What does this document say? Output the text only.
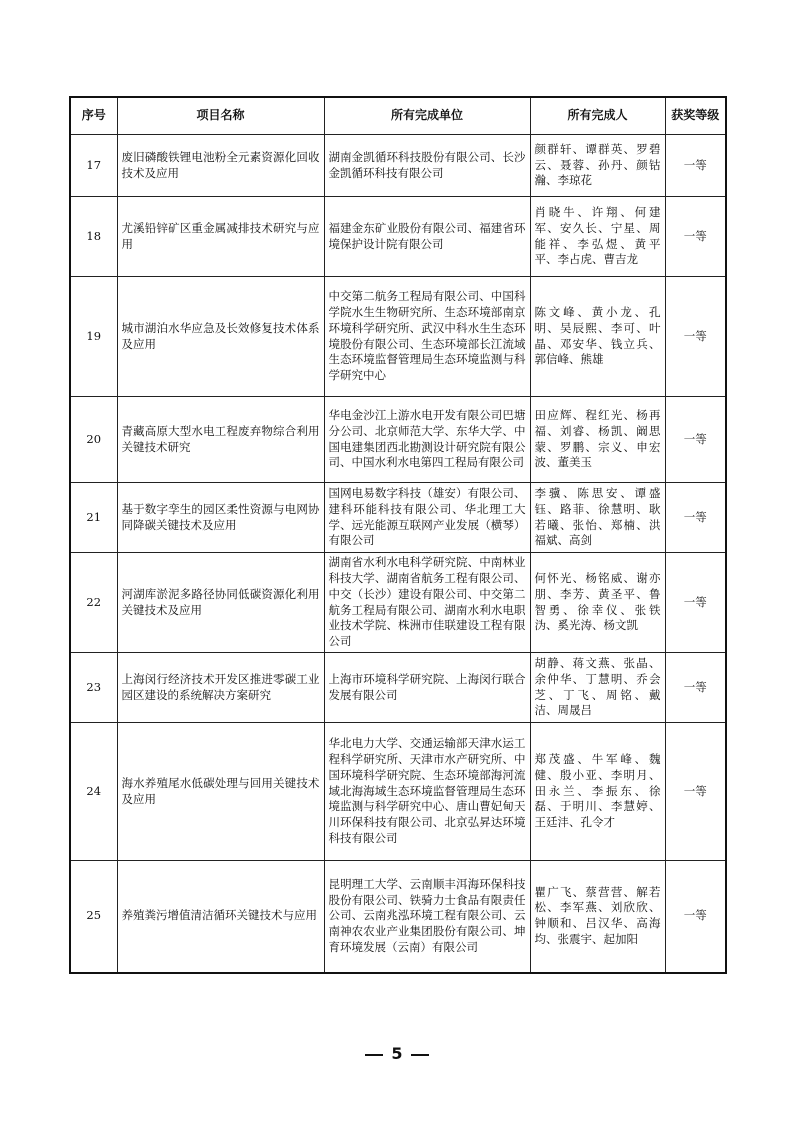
序号	项目名称	所有完成单位	所有完成人	获奖等级
17	废旧磷酸铁锂电池粉全元素资源化回收技术及应用	湖南金凯循环科技股份有限公司、长沙金凯循环科技有限公司	颜群轩、谭群英、罗碧云、聂蓉、孙丹、颜钴瀚、李琼花	一等
18	尤溪铅锌矿区重金属减排技术研究与应用	福建金东矿业股份有限公司、福建省环境保护设计院有限公司	肖晓牛、许翔、何建军、安久长、宁星、周能祥、李弘煜、黄平平、李占虎、曹吉龙	一等
19	城市湖泊水华应急及长效修复技术体系及应用	中交第二航务工程局有限公司、中国科学院水生生物研究所、生态环境部南京环境科学研究所、武汉中科水生生态环境股份有限公司、生态环境部长江流域生态环境监督管理局生态环境监测与科学研究中心	陈文峰、黄小龙、孔明、吴辰熙、李可、叶晶、邓安华、钱立兵、郭信峰、熊雄	一等
20	青藏高原大型水电工程废弃物综合利用关键技术研究	华电金沙江上游水电开发有限公司巴塘分公司、北京师范大学、东华大学、中国电建集团西北勘测设计研究院有限公司、中国水利水电第四工程局有限公司	田应辉、程红光、杨再福、刘睿、杨凯、阚思蒙、罗鹏、宗义、申宏波、董美玉	一等
21	基于数字孪生的园区柔性资源与电网协同降碳关键技术及应用	国网电易数字科技（雄安）有限公司、建科环能科技有限公司、华北理工大学、远光能源互联网产业发展（横琴）有限公司	李骥、陈思安、谭盛钰、路菲、徐慧明、耿若曦、张怡、郑楠、洪福斌、高剑	一等
22	河湖库淤泥多路径协同低碳资源化利用关键技术及应用	湖南省水利水电科学研究院、中南林业科技大学、湖南省航务工程有限公司、中交（长沙）建设有限公司、中交第二航务工程局有限公司、湖南水利水电职业技术学院、株洲市佳联建设工程有限公司	何怀光、杨铭威、谢亦朋、李芳、黄圣平、鲁智勇、徐幸仪、张铁沩、奚光涛、杨文凯	一等
23	上海闵行经济技术开发区推进零碳工业园区建设的系统解决方案研究	上海市环境科学研究院、上海闵行联合发展有限公司	胡静、蒋文燕、张晶、余仲华、丁慧明、乔会芝、丁飞、周铭、戴洁、周晟吕	一等
24	海水养殖尾水低碳处理与回用关键技术及应用	华北电力大学、交通运输部天津水运工程科学研究所、天津市水产研究所、中国环境科学研究院、生态环境部海河流域北海海域生态环境监督管理局生态环境监测与科学研究中心、唐山曹妃甸天川环保科技有限公司、北京弘昇达环境科技有限公司	郑茂盛、牛军峰、魏健、殷小亚、李明月、田永兰、李振东、徐磊、于明川、李慧婷、王廷沣、孔令才	一等
25	养殖粪污增值清洁循环关键技术与应用	昆明理工大学、云南顺丰洱海环保科技股份有限公司、铁骑力士食品有限责任公司、云南兆泓环境工程有限公司、云南神农农业产业集团股份有限公司、坤育环境发展（云南）有限公司	瞿广飞、蔡营营、解若松、李军燕、刘欣欣、钟顺和、吕汉华、高海均、张震宇、起加阳	一等
5
